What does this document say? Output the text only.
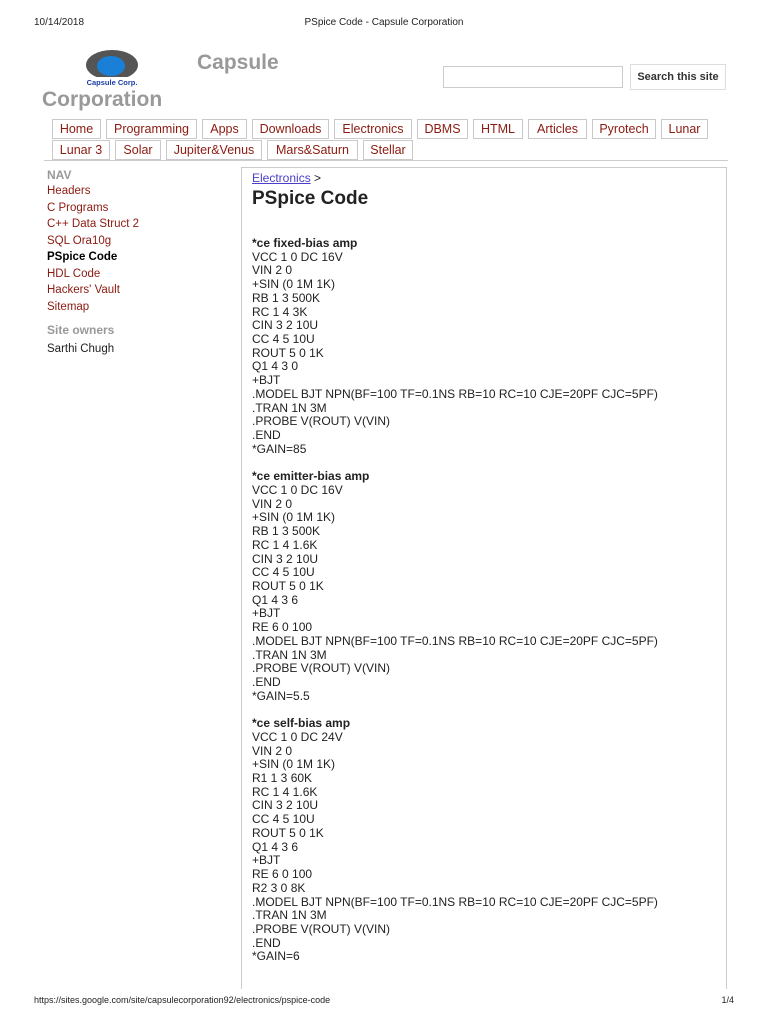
10/14/2018	PSpice Code - Capsule Corporation
Capsule Corp.
Capsule
Corporation
Search this site
Home	Programming	Apps	Downloads	Electronics	DBMS	HTML	Articles	Pyrotech	Lunar
Lunar 3	Solar	Jupiter&Venus	Mars&Saturn	Stellar
NAV
Headers
C Programs
C++ Data Struct 2
SQL Ora10g
PSpice Code
HDL Code
Hackers' Vault
Sitemap
Site owners
Sarthi Chugh
Electronics >
PSpice Code
*ce fixed-bias amp
VCC 1 0 DC 16V
VIN 2 0
+SIN (0 1M 1K)
RB 1 3 500K
RC 1 4 3K
CIN 3 2 10U
CC 4 5 10U
ROUT 5 0 1K
Q1 4 3 0
+BJT
.MODEL BJT NPN(BF=100 TF=0.1NS RB=10 RC=10 CJE=20PF CJC=5PF)
.TRAN 1N 3M
.PROBE V(ROUT) V(VIN)
.END
*GAIN=85
*ce emitter-bias amp
VCC 1 0 DC 16V
VIN 2 0
+SIN (0 1M 1K)
RB 1 3 500K
RC 1 4 1.6K
CIN 3 2 10U
CC 4 5 10U
ROUT 5 0 1K
Q1 4 3 6
+BJT
RE 6 0 100
.MODEL BJT NPN(BF=100 TF=0.1NS RB=10 RC=10 CJE=20PF CJC=5PF)
.TRAN 1N 3M
.PROBE V(ROUT) V(VIN)
.END
*GAIN=5.5
*ce self-bias amp
VCC 1 0 DC 24V
VIN 2 0
+SIN (0 1M 1K)
R1 1 3 60K
RC 1 4 1.6K
CIN 3 2 10U
CC 4 5 10U
ROUT 5 0 1K
Q1 4 3 6
+BJT
RE 6 0 100
R2 3 0 8K
.MODEL BJT NPN(BF=100 TF=0.1NS RB=10 RC=10 CJE=20PF CJC=5PF)
.TRAN 1N 3M
.PROBE V(ROUT) V(VIN)
.END
*GAIN=6
https://sites.google.com/site/capsulecorporation92/electronics/pspice-code	1/4
